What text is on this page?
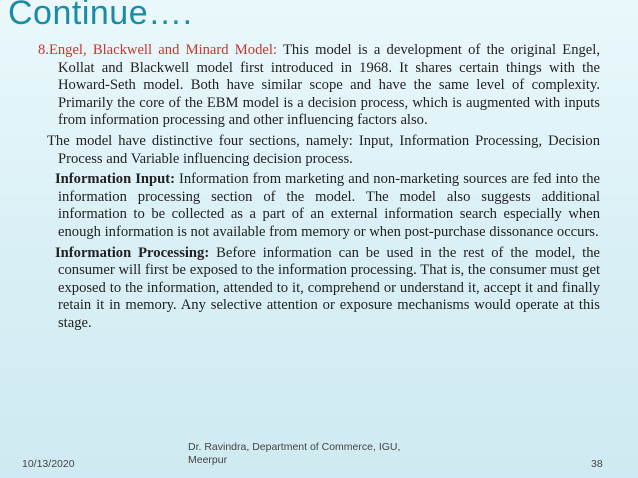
Continue….

8.Engel, Blackwell and Minard Model: This model is a development of the original Engel, Kollat and Blackwell model first introduced in 1968. It shares certain things with the Howard-Seth model. Both have similar scope and have the same level of complexity. Primarily the core of the EBM model is a decision process, which is augmented with inputs from information processing and other influencing factors also.

The model have distinctive four sections, namely: Input, Information Processing, Decision Process and Variable influencing decision process.

Information Input: Information from marketing and non-marketing sources are fed into the information processing section of the model. The model also suggests additional information to be collected as a part of an external information search especially when enough information is not available from memory or when post-purchase dissonance occurs.

Information Processing: Before information can be used in the rest of the model, the consumer will first be exposed to the information processing. That is, the consumer must get exposed to the information, attended to it, comprehend or understand it, accept it and finally retain it in memory. Any selective attention or exposure mechanisms would operate at this stage.

10/13/2020
Dr. Ravindra, Department of Commerce, IGU, Meerpur	38
